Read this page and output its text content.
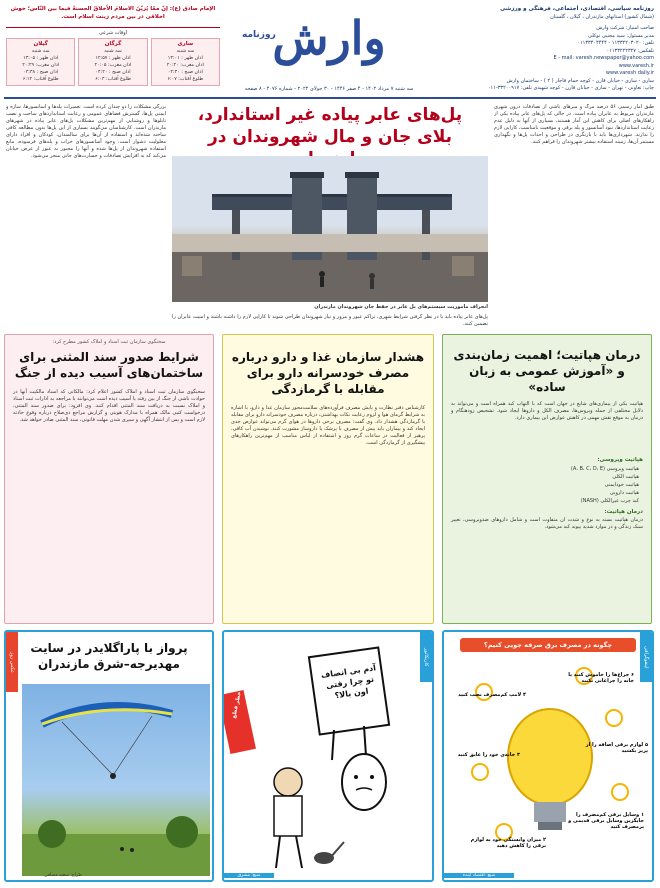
روزنامه سیاسی، اقتصادی، اجتماعی، فرهنگی و ورزشی
(شمال کشور) استانهای مازندران ، گیلان ، گلستان
صاحب امتیاز: شرکت وارش
مدیر مسئول: سید مجتبی توکلی
تلفن: ۱۱۳۳۲۲۰۳۰۲۰ - ۰۱۱۳۳۴۰۴۴۴۴
تلفکس: ۰۱۱۳۳۲۲۲۳۲۷
E - mail: varesh.newspaper@yahoo.com
www.varesh.ir
www.varesh daily.ir
ساری - ساری - خیابان قارن - کوچه حمام قاجار ( ۲ ) - ساختمان وارش
چاپ: تعاونی - تهران - ساری - خیابان قارن - کوچه شهیدی تلفن: ۳۳۲۰۰۹۱۷-۰۱۱
روزنامه
وارش
سه شنبه ۷ مرداد ۱۴۰۲ - ۴ صفر ۱۴۴۶ - ۳۰ جولای ۲۰۲۴ - شماره ۴۰۷۶ - ۸ صفحه
الإمام صادق (ع): إنّ ممّا يُزيّنُ الاسلامَ الأخلاقُ الحسنةُ فیما بین النّاس؛ خوش اخلاقی در بین مردم زینت اسلام است.
اوقات شرعی
ساری
سه شنبه
اذان ظهر : ۱۳:۰۱
اذان مغرب: ۲۰:۲۰
اذان صبح : ۰۴:۳۰
طلوع آفتاب: ۶:۰۷
گرگان
سه شنبه
اذان ظهر : ۱۲:۵۷
اذان مغرب: ۲۰:۰۵
اذان صبح : ۰۴:۲۰
طلوع آفتاب: ۶:۰۳
گیلان
سه شنبه
اذان ظهر : ۱۳:۰۵
اذان مغرب: ۲۰:۲۹
اذان صبح : ۰۴:۳۸
طلوع آفتاب: ۶:۱۲
پل‌های عابر پیاده غیر استاندارد،
بلای جان و مال شهروندان در
طبق آمار رسمی ۵۶ درصد مرگ و میرهای ناشی از تصادفات درون شهری مازندران مربوط به عابران پیاده است. در حالی که پل‌های عابر پیاده یکی از راهکارهای اصلی برای کاهش این آمار هستند، بسیاری از آنها به دلیل عدم رعایت استانداردها، نبود آسانسور و پله برقی و موقعیت نامناسب، کارایی لازم را ندارند. شهرداری‌ها باید با بازنگری در طراحی و احداث پل‌ها و نگهداری مستمر آن‌ها، زمینه استفاده بیشتر شهروندان را فراهم کنند.
بزرگی مشکلات را دو چندان کرده است. تعمیرات پله‌ها و آسانسورها، سازه و ایمنی پل‌ها، گسترش فضاهای عمومی و رعایت استانداردهای ساخت و نصب تابلوها و روشنایی از مهم‌ترین مشکلات پل‌های عابر پیاده در شهرهای مازندران است. کارشناسان می‌گویند بسیاری از این پل‌ها بدون مطالعه کافی ساخته شده‌اند و استفاده از آن‌ها برای سالمندان، کودکان و افراد دارای معلولیت دشوار است. وجود آسانسورهای خراب و پله‌های فرسوده، مانع استفاده شهروندان از پل‌ها شده و آنها را مجبور به عبور از عرض خیابان می‌کند که به افزایش تصادفات و خسارت‌های جانی منجر می‌شود.
انحراف ماموریت سیستم‌های پل عابر در حفظ جان شهروندان مازندران
پل‌های عابر پیاده باید با در نظر گرفتن شرایط شهری، تراکم عبور و مرور و نیاز شهروندان طراحی شوند تا کارایی لازم را داشته باشند و امنیت عابران را تضمین کنند.
درمان هپاتیت؛ اهمیت زمان‌بندی و «آموزش عمومی به زبان ساده»
هپاتیت یکی از بیماری‌های شایع در جهان است که با التهاب کبد همراه است و می‌تواند به دلایل مختلفی از جمله ویروس‌ها، مصرف الکل و داروها ایجاد شود. تشخیص زودهنگام و درمان به موقع نقش مهمی در کاهش عوارض این بیماری دارد.
هپاتیت ویروسی:
هپاتیت ویروسی (A، B، C، D، E)
هپاتیت الکلی
هپاتیت خودایمنی
هپاتیت دارویی
کبد چرب غیرالکلی (NASH)
درمان هپاتیت:
درمان هپاتیت بسته به نوع و شدت آن متفاوت است و شامل داروهای ضدویروسی، تغییر سبک زندگی و در موارد شدید پیوند کبد می‌شود.
هشدار سازمان غذا و دارو درباره مصرف خودسرانه دارو برای مقابله با گرمازدگی
کارشناس دفتر نظارت و پایش مصرف فرآورده‌های سلامت‌محور سازمان غذا و دارو، با اشاره به شرایط گرمای هوا و لزوم رعایت نکات بهداشتی، درباره مصرف خودسرانه دارو برای مقابله با گرمازدگی هشدار داد. وی گفت: مصرف برخی داروها در هوای گرم می‌تواند عوارض جدی ایجاد کند و بیماران باید پیش از مصرف با پزشک یا داروساز مشورت کنند. نوشیدن آب کافی، پرهیز از فعالیت در ساعات گرم روز و استفاده از لباس مناسب از مهم‌ترین راهکارهای پیشگیری از گرمازدگی است.
سخنگوی سازمان ثبت اسناد و املاک کشور مطرح کرد:
شرایط صدور سند المثنی برای ساختمان‌های آسیب دیده از جنگ
سخنگوی سازمان ثبت اسناد و املاک کشور اعلام کرد: مالکانی که اسناد مالکیت آنها در حوادث ناشی از جنگ از بین رفته یا آسیب دیده است می‌توانند با مراجعه به ادارات ثبت اسناد و املاک نسبت به دریافت سند المثنی اقدام کنند. وی افزود: برای صدور سند المثنی، درخواست کتبی مالک همراه با مدارک هویتی و گزارش مراجع ذی‌صلاح درباره وقوع حادثه لازم است و پس از انتشار آگهی و سپری شدن مهلت قانونی، سند المثنی صادر خواهد شد.
اینفوگرافی
چگونه در مصرف برق صرفه جویی کنیم؟
۶ چراغ‌ها را خاموش کنید یا خانه را چراغانی نکنید
۴ لامپ کم‌مصرف نصب کنید
۵ لوازم برقی اضافه را از پریز بکشید
۳ خانه‌ی خود را عایق کنید
۱ وسایل برقی کم‌مصرف را جایگزین وسایل برقی قدیمی و پرمصرف کنید
۲ میزان وابستگی خود به لوازم برقی را کاهش دهید
منبع: اقتصاد آینده
کاریکاتور
آدم بی انصاف تو چرا رفتی اون بالا؟
خطر قطع
منبع: مشرق
عکس روز
پرواز با پاراگلایدر در سایت مهدیرجه–شرق مازندران
طراح: سعید مصافی
